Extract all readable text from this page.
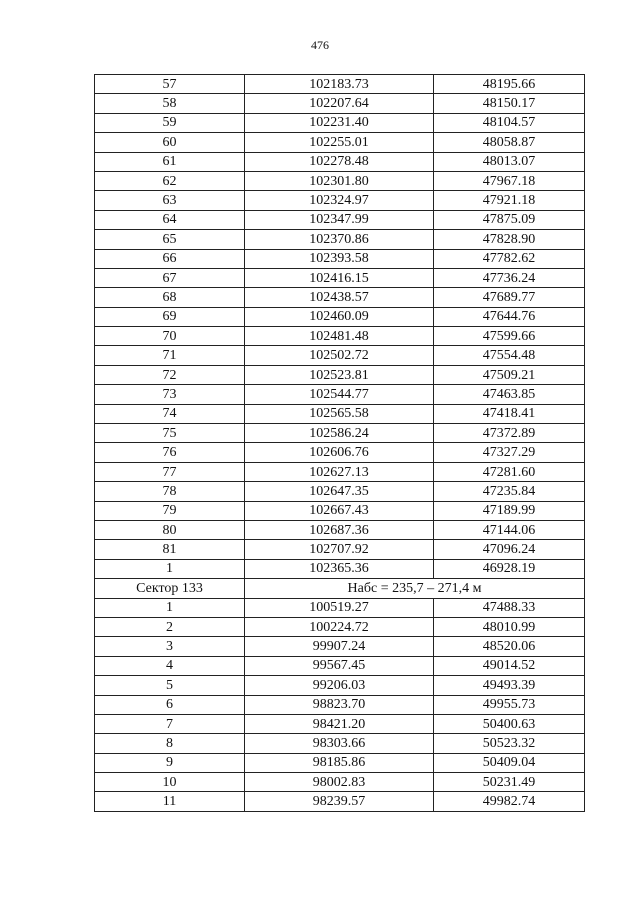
476
57	102183.73	48195.66
58	102207.64	48150.17
59	102231.40	48104.57
60	102255.01	48058.87
61	102278.48	48013.07
62	102301.80	47967.18
63	102324.97	47921.18
64	102347.99	47875.09
65	102370.86	47828.90
66	102393.58	47782.62
67	102416.15	47736.24
68	102438.57	47689.77
69	102460.09	47644.76
70	102481.48	47599.66
71	102502.72	47554.48
72	102523.81	47509.21
73	102544.77	47463.85
74	102565.58	47418.41
75	102586.24	47372.89
76	102606.76	47327.29
77	102627.13	47281.60
78	102647.35	47235.84
79	102667.43	47189.99
80	102687.36	47144.06
81	102707.92	47096.24
1	102365.36	46928.19
Сектор 133	Набс = 235,7 – 271,4 м	
1	100519.27	47488.33
2	100224.72	48010.99
3	99907.24	48520.06
4	99567.45	49014.52
5	99206.03	49493.39
6	98823.70	49955.73
7	98421.20	50400.63
8	98303.66	50523.32
9	98185.86	50409.04
10	98002.83	50231.49
11	98239.57	49982.74
